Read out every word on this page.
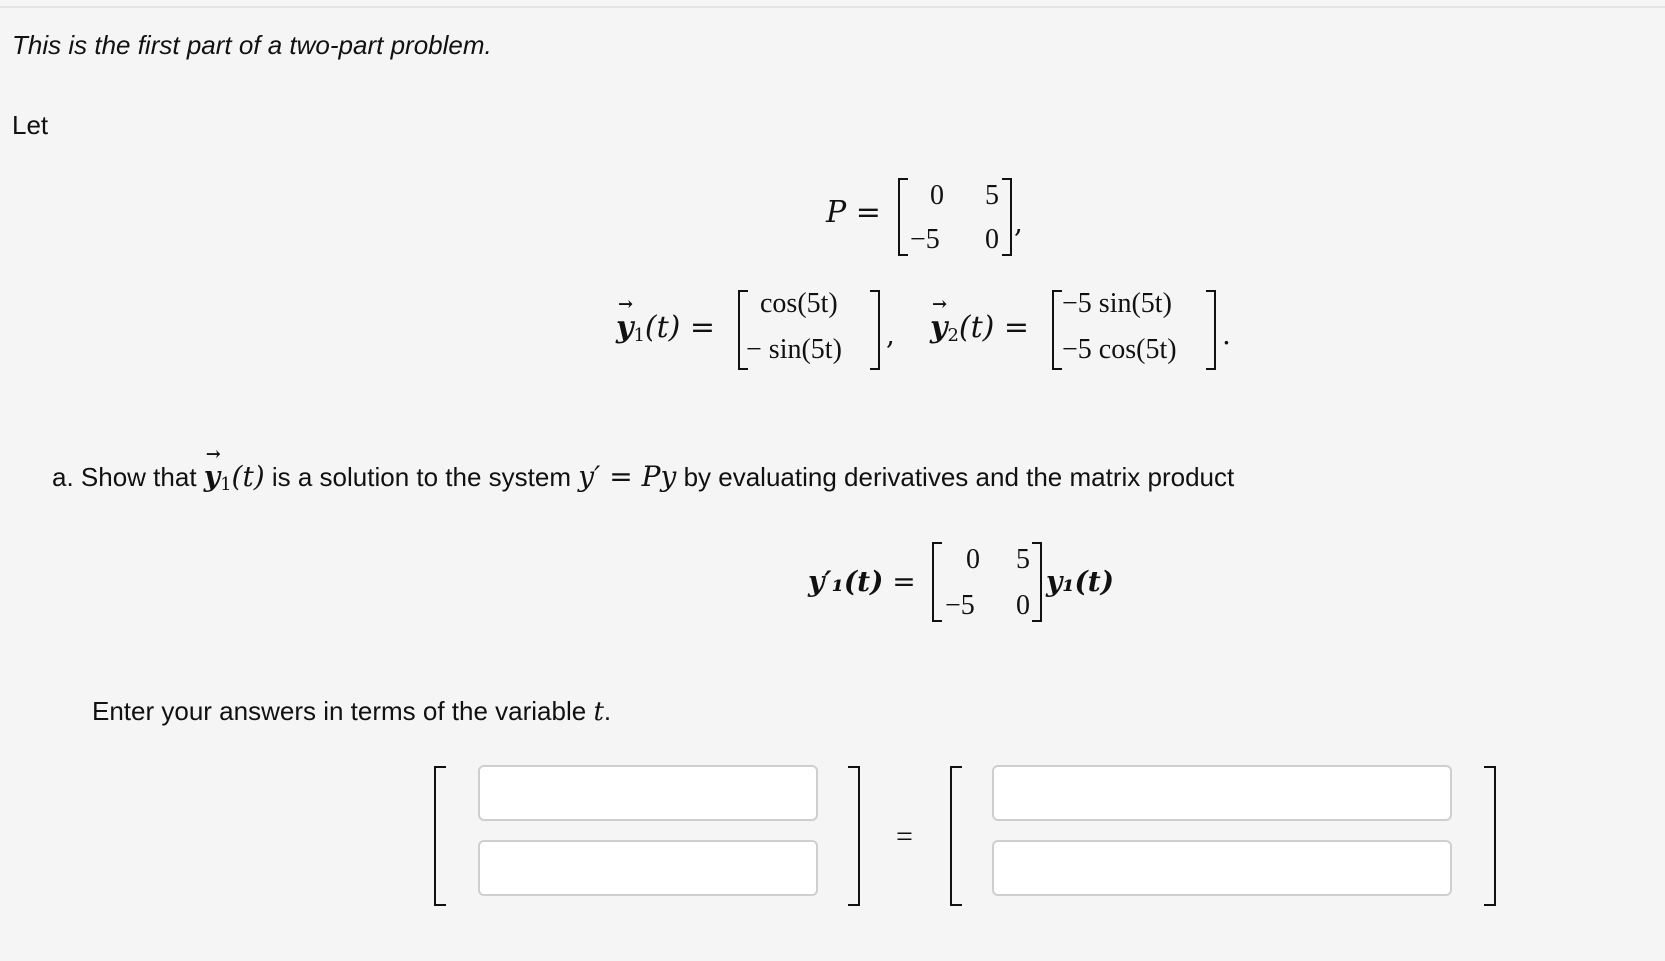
This is the first part of a two-part problem.
Let
P = 0 5
−5 0
,
→
$y_1(t)$ =
cos(5t)
− sin(5t) ,
→
$y_2(t)$ =
−5 sin(5t)
−5 cos(5t) .
a. Show that
→
$y_1(t)$ is a solution to the system y′ = Py by evaluating derivatives and the matrix product
y′₁(t) =
0 5
−5 0
y₁(t)
Enter your answers in terms of the variable t.
=
